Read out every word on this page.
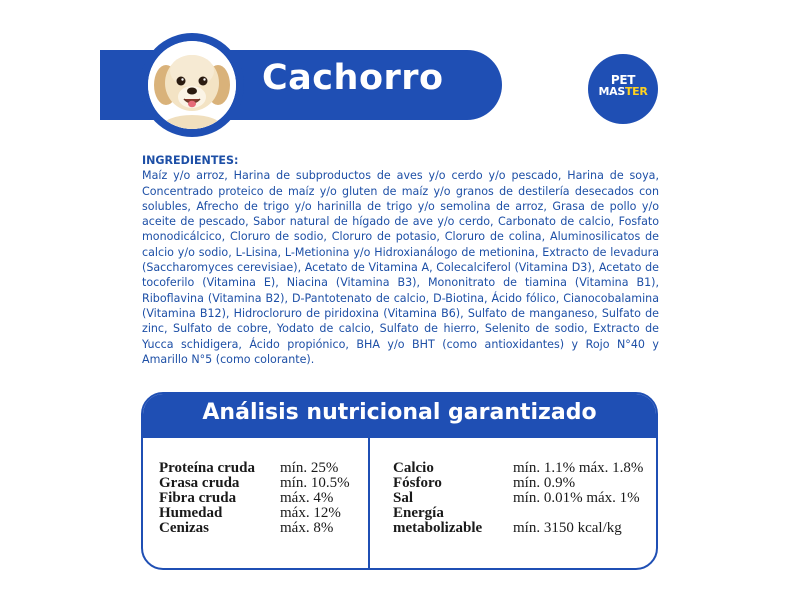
Cachorro	PET
MASTER
INGREDIENTES:
Maíz y/o arroz, Harina de subproductos de aves y/o cerdo y/o pescado, Harina de soya, Concentrado proteico de maíz y/o gluten de maíz y/o granos de destilería desecados con solubles, Afrecho de trigo y/o harinilla de trigo y/o semolina de arroz, Grasa de pollo y/o aceite de pescado, Sabor natural de hígado de ave y/o cerdo, Carbonato de calcio, Fosfato monodicálcico, Cloruro de sodio, Cloruro de potasio, Cloruro de colina, Aluminosilicatos de calcio y/o sodio, L-Lisina, L-Metionina y/o Hidroxianálogo de metionina, Extracto de levadura (Saccharomyces cerevisiae), Acetato de Vitamina A, Colecalciferol (Vitamina D3), Acetato de tocoferilo (Vitamina E), Niacina (Vitamina B3), Mononitrato de tiamina (Vitamina B1), Riboflavina (Vitamina B2), D-Pantotenato de calcio, D-Biotina, Ácido fólico, Cianocobalamina (Vitamina B12), Hidrocloruro de piridoxina (Vitamina B6), Sulfato de manganeso, Sulfato de zinc, Sulfato de cobre, Yodato de calcio, Sulfato de hierro, Selenito de sodio, Extracto de Yucca schidigera, Ácido propiónico, BHA y/o BHT (como antioxidantes) y Rojo N°40 y Amarillo N°5 (como colorante).
Análisis nutricional garantizado
Proteína cruda	mín. 25%
Grasa cruda	mín. 10.5%
Fibra cruda	máx. 4%
Humedad	máx. 12%
Cenizas	máx. 8%
Calcio	mín. 1.1% máx. 1.8%
Fósforo	mín. 0.9%
Sal	mín. 0.01% máx. 1%
Energía
metabolizable	mín. 3150 kcal/kg
